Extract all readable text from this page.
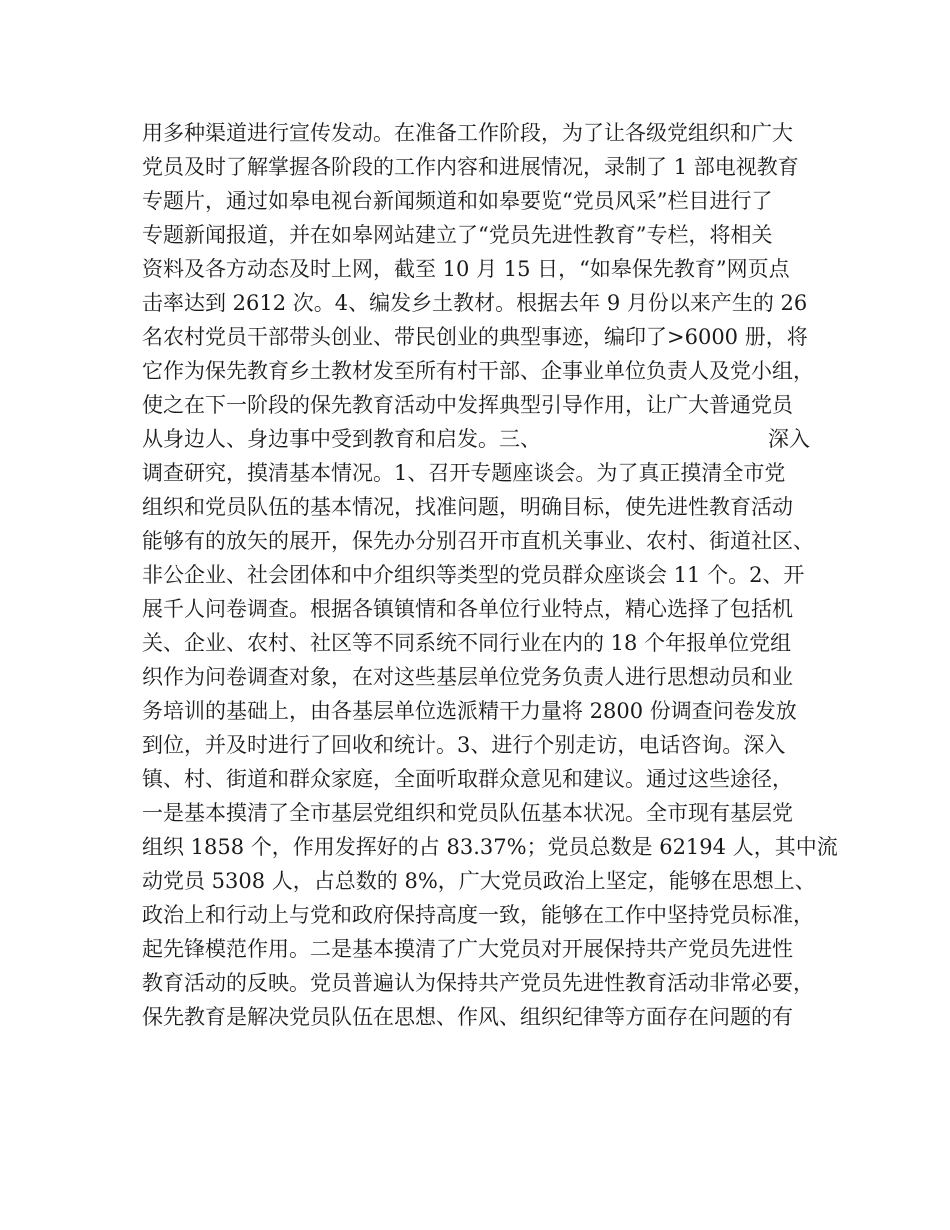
用多种渠道进行宣传发动。在准备工作阶段，为了让各级党组织和广大
党员及时了解掌握各阶段的工作内容和进展情况，录制了 1 部电视教育
专题片，通过如皋电视台新闻频道和如皋要览“党员风采”栏目进行了
专题新闻报道，并在如皋网站建立了“党员先进性教育”专栏，将相关
资料及各方动态及时上网，截至 10 月 15 日，“如皋保先教育”网页点
击率达到 2612 次。4、编发乡土教材。根据去年 9 月份以来产生的 26
名农村党员干部带头创业、带民创业的典型事迹，编印了>6000 册，将
它作为保先教育乡土教材发至所有村干部、企事业单位负责人及党小组，
使之在下一阶段的保先教育活动中发挥典型引导作用，让广大普通党员
从身边人、身边事中受到教育和启发。三、	深入
调查研究，摸清基本情况。1、召开专题座谈会。为了真正摸清全市党
组织和党员队伍的基本情况，找准问题，明确目标，使先进性教育活动
能够有的放矢的展开，保先办分别召开市直机关事业、农村、街道社区、
非公企业、社会团体和中介组织等类型的党员群众座谈会 11 个。2、开
展千人问卷调查。根据各镇镇情和各单位行业特点，精心选择了包括机
关、企业、农村、社区等不同系统不同行业在内的 18 个年报单位党组
织作为问卷调查对象，在对这些基层单位党务负责人进行思想动员和业
务培训的基础上，由各基层单位选派精干力量将 2800 份调查问卷发放
到位，并及时进行了回收和统计。3、进行个别走访，电话咨询。深入
镇、村、街道和群众家庭，全面听取群众意见和建议。通过这些途径，
一是基本摸清了全市基层党组织和党员队伍基本状况。全市现有基层党
组织 1858 个，作用发挥好的占 83.37%；党员总数是 62194 人，其中流
动党员 5308 人，占总数的 8%，广大党员政治上坚定，能够在思想上、
政治上和行动上与党和政府保持高度一致，能够在工作中坚持党员标准，
起先锋模范作用。二是基本摸清了广大党员对开展保持共产党员先进性
教育活动的反映。党员普遍认为保持共产党员先进性教育活动非常必要，
保先教育是解决党员队伍在思想、作风、组织纪律等方面存在问题的有
